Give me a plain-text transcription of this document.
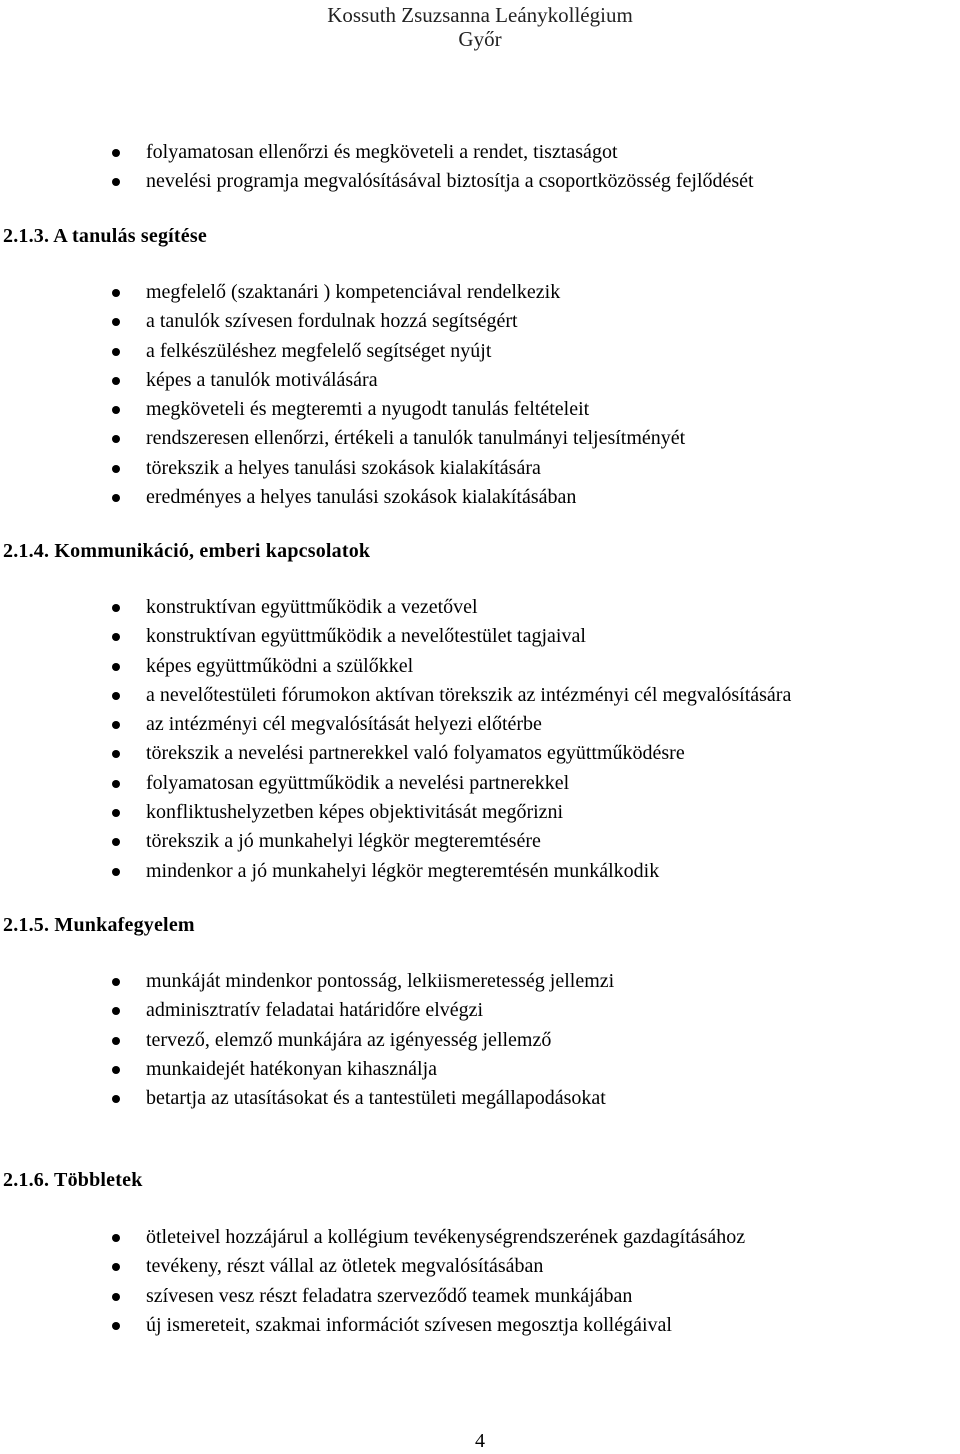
Kossuth Zsuzsanna Leánykollégium
Győr
folyamatosan ellenőrzi és megköveteli a rendet, tisztaságot
nevelési programja megvalósításával biztosítja a csoportközösség fejlődését
2.1.3. A tanulás segítése
megfelelő (szaktanári ) kompetenciával rendelkezik
a tanulók szívesen fordulnak hozzá segítségért
a felkészüléshez megfelelő segítséget nyújt
képes a tanulók motiválására
megköveteli és megteremti a nyugodt tanulás feltételeit
rendszeresen ellenőrzi, értékeli a tanulók tanulmányi teljesítményét
törekszik a helyes tanulási szokások kialakítására
eredményes a helyes tanulási szokások kialakításában
2.1.4. Kommunikáció, emberi kapcsolatok
konstruktívan együttműködik a vezetővel
konstruktívan együttműködik a nevelőtestület tagjaival
képes együttműködni a szülőkkel
a nevelőtestületi fórumokon aktívan törekszik az intézményi cél megvalósítására
az intézményi cél megvalósítását helyezi előtérbe
törekszik a nevelési partnerekkel való folyamatos együttműködésre
folyamatosan együttműködik a nevelési partnerekkel
konfliktushelyzetben képes objektivitását megőrizni
törekszik a jó munkahelyi légkör megteremtésére
mindenkor a jó munkahelyi légkör megteremtésén munkálkodik
2.1.5. Munkafegyelem
munkáját mindenkor pontosság, lelkiismeretesség jellemzi
adminisztratív feladatai határidőre elvégzi
tervező, elemző munkájára az igényesség jellemző
munkaidejét hatékonyan kihasználja
betartja az utasításokat és a tantestületi megállapodásokat
2.1.6. Többletek
ötleteivel hozzájárul a kollégium tevékenységrendszerének gazdagításához
tevékeny, részt vállal az ötletek megvalósításában
szívesen vesz részt feladatra szerveződő teamek munkájában
új ismereteit, szakmai információt szívesen megosztja kollégáival
4
